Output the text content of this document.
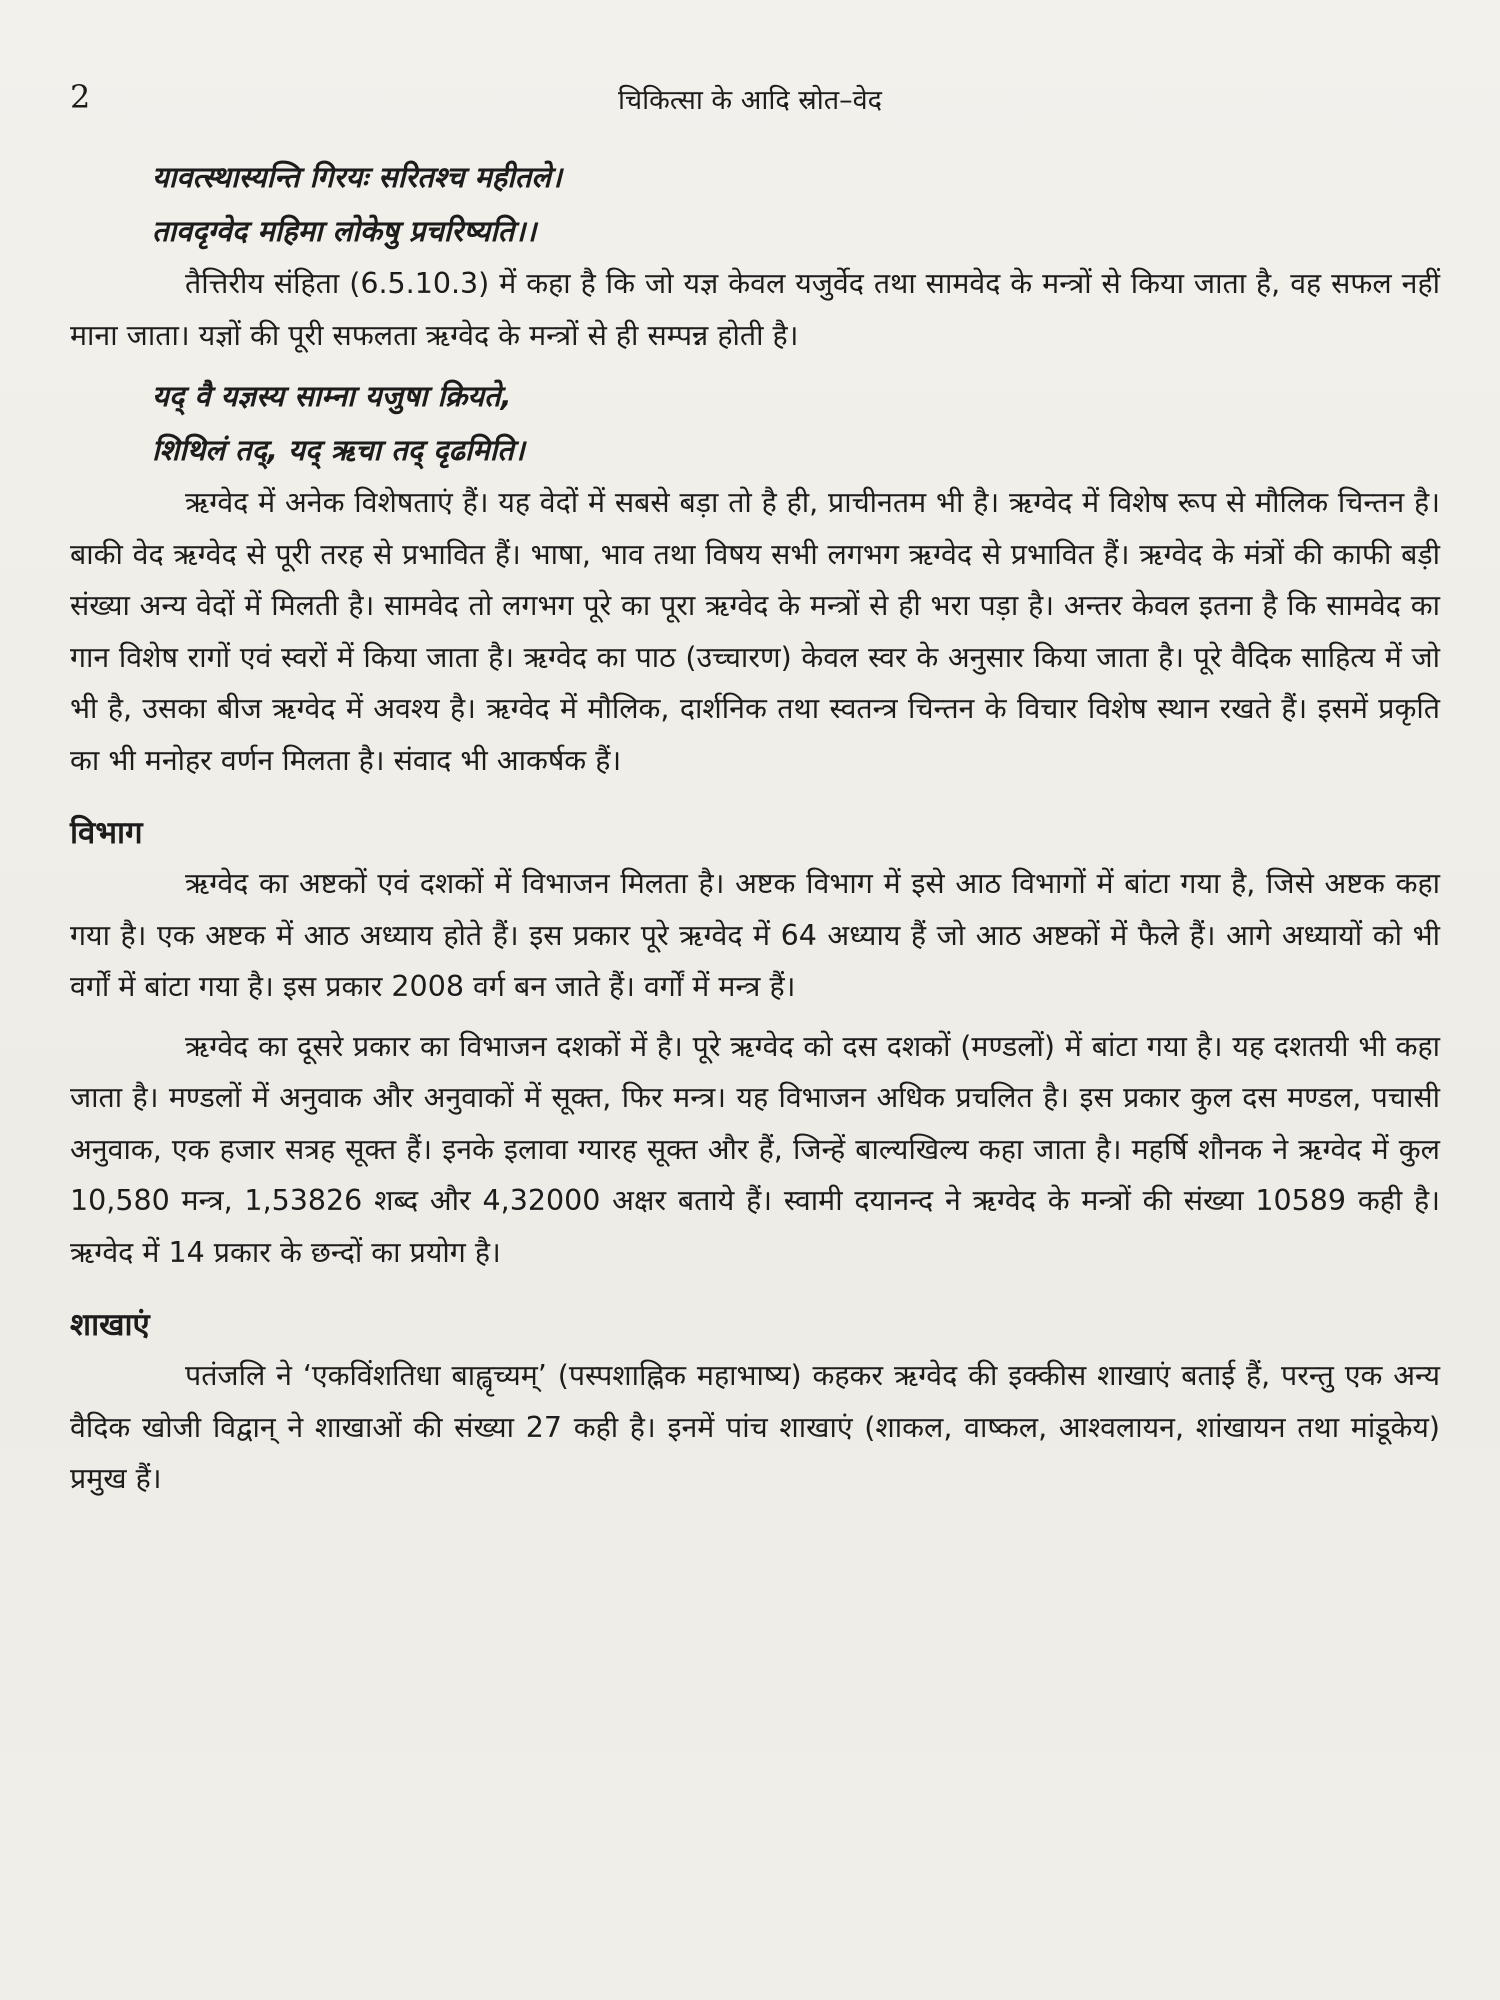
2	चिकित्सा के आदि स्रोत–वेद

यावत्स्थास्यन्ति गिरयः सरितश्च महीतले।

तावदृग्वेद महिमा लोकेषु प्रचरिष्यति।।

तैत्तिरीय संहिता (6.5.10.3) में कहा है कि जो यज्ञ केवल यजुर्वेद तथा सामवेद के मन्त्रों से किया जाता है, वह सफल नहीं माना जाता। यज्ञों की पूरी सफलता ऋग्वेद के मन्त्रों से ही सम्पन्न होती है।

यद् वै यज्ञस्य साम्ना यजुषा क्रियते,

शिथिलं तद्, यद् ऋचा तद् दृढमिति।

ऋग्वेद में अनेक विशेषताएं हैं। यह वेदों में सबसे बड़ा तो है ही, प्राचीनतम भी है। ऋग्वेद में विशेष रूप से मौलिक चिन्तन है। बाकी वेद ऋग्वेद से पूरी तरह से प्रभावित हैं। भाषा, भाव तथा विषय सभी लगभग ऋग्वेद से प्रभावित हैं। ऋग्वेद के मंत्रों की काफी बड़ी संख्या अन्य वेदों में मिलती है। सामवेद तो लगभग पूरे का पूरा ऋग्वेद के मन्त्रों से ही भरा पड़ा है। अन्तर केवल इतना है कि सामवेद का गान विशेष रागों एवं स्वरों में किया जाता है। ऋग्वेद का पाठ (उच्चारण) केवल स्वर के अनुसार किया जाता है। पूरे वैदिक साहित्य में जो भी है, उसका बीज ऋग्वेद में अवश्य है। ऋग्वेद में मौलिक, दार्शनिक तथा स्वतन्त्र चिन्तन के विचार विशेष स्थान रखते हैं। इसमें प्रकृति का भी मनोहर वर्णन मिलता है। संवाद भी आकर्षक हैं।

विभाग

ऋग्वेद का अष्टकों एवं दशकों में विभाजन मिलता है। अष्टक विभाग में इसे आठ विभागों में बांटा गया है, जिसे अष्टक कहा गया है। एक अष्टक में आठ अध्याय होते हैं। इस प्रकार पूरे ऋग्वेद में 64 अध्याय हैं जो आठ अष्टकों में फैले हैं। आगे अध्यायों को भी वर्गों में बांटा गया है। इस प्रकार 2008 वर्ग बन जाते हैं। वर्गों में मन्त्र हैं।

ऋग्वेद का दूसरे प्रकार का विभाजन दशकों में है। पूरे ऋग्वेद को दस दशकों (मण्डलों) में बांटा गया है। यह दशतयी भी कहा जाता है। मण्डलों में अनुवाक और अनुवाकों में सूक्त, फिर मन्त्र। यह विभाजन अधिक प्रचलित है। इस प्रकार कुल दस मण्डल, पचासी अनुवाक, एक हजार सत्रह सूक्त हैं। इनके इलावा ग्यारह सूक्त और हैं, जिन्हें बाल्यखिल्य कहा जाता है। महर्षि शौनक ने ऋग्वेद में कुल 10,580 मन्त्र, 1,53826 शब्द और 4,32000 अक्षर बताये हैं। स्वामी दयानन्द ने ऋग्वेद के मन्त्रों की संख्या 10589 कही है। ऋग्वेद में 14 प्रकार के छन्दों का प्रयोग है।

शाखाएं

पतंजलि ने ‘एकविंशतिधा बाह्वृच्यम्’ (पस्पशाह्निक महाभाष्य) कहकर ऋग्वेद की इक्कीस शाखाएं बताई हैं, परन्तु एक अन्य वैदिक खोजी विद्वान् ने शाखाओं की संख्या 27 कही है। इनमें पांच शाखाएं (शाकल, वाष्कल, आश्वलायन, शांखायन तथा मांडूकेय) प्रमुख हैं।
